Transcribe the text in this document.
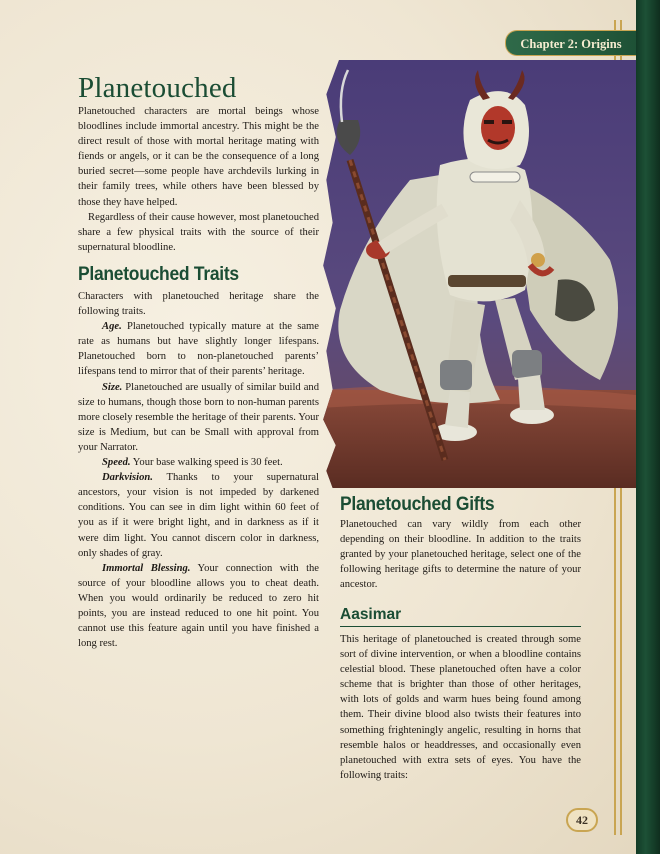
Chapter 2: Origins
Planetouched

Planetouched characters are mortal beings whose bloodlines include immortal ancestry. This might be the direct result of those with mortal heritage mating with fiends or angels, or it can be the consequence of a long buried secret—some people have archdevils lurking in their family trees, while others have been blessed by those they have helped.

Regardless of their cause however, most planetouched share a few physical traits with the source of their supernatural bloodline.

Planetouched Traits

Characters with planetouched heritage share the following traits.

Age. Planetouched typically mature at the same rate as humans but have slightly longer lifespans. Planetouched born to non-planetouched parents’ lifespans tend to mirror that of their parents’ heritage.

Size. Planetouched are usually of similar build and size to humans, though those born to non-human parents more closely resemble the heritage of their parents. Your size is Medium, but can be Small with approval from your Narrator.

Speed. Your base walking speed is 30 feet.

Darkvision. Thanks to your supernatural ancestors, your vision is not impeded by darkened conditions. You can see in dim light within 60 feet of you as if it were bright light, and in darkness as if it were dim light. You cannot discern color in darkness, only shades of gray.

Immortal Blessing. Your connection with the source of your bloodline allows you to cheat death. When you would ordinarily be reduced to zero hit points, you are instead reduced to one hit point. You cannot use this feature again until you have finished a long rest.

Planetouched Gifts

Planetouched can vary wildly from each other depending on their bloodline. In addition to the traits granted by your planetouched heritage, select one of the following heritage gifts to determine the nature of your ancestor.

Aasimar

This heritage of planetouched is created through some sort of divine intervention, or when a bloodline contains celestial blood. These planetouched often have a color scheme that is brighter than those of other heritages, with lots of golds and warm hues being found among them. Their divine blood also twists their features into something frighteningly angelic, resulting in horns that resemble halos or headdresses, and occasionally even planetouched with extra sets of eyes. You have the following traits:

42
